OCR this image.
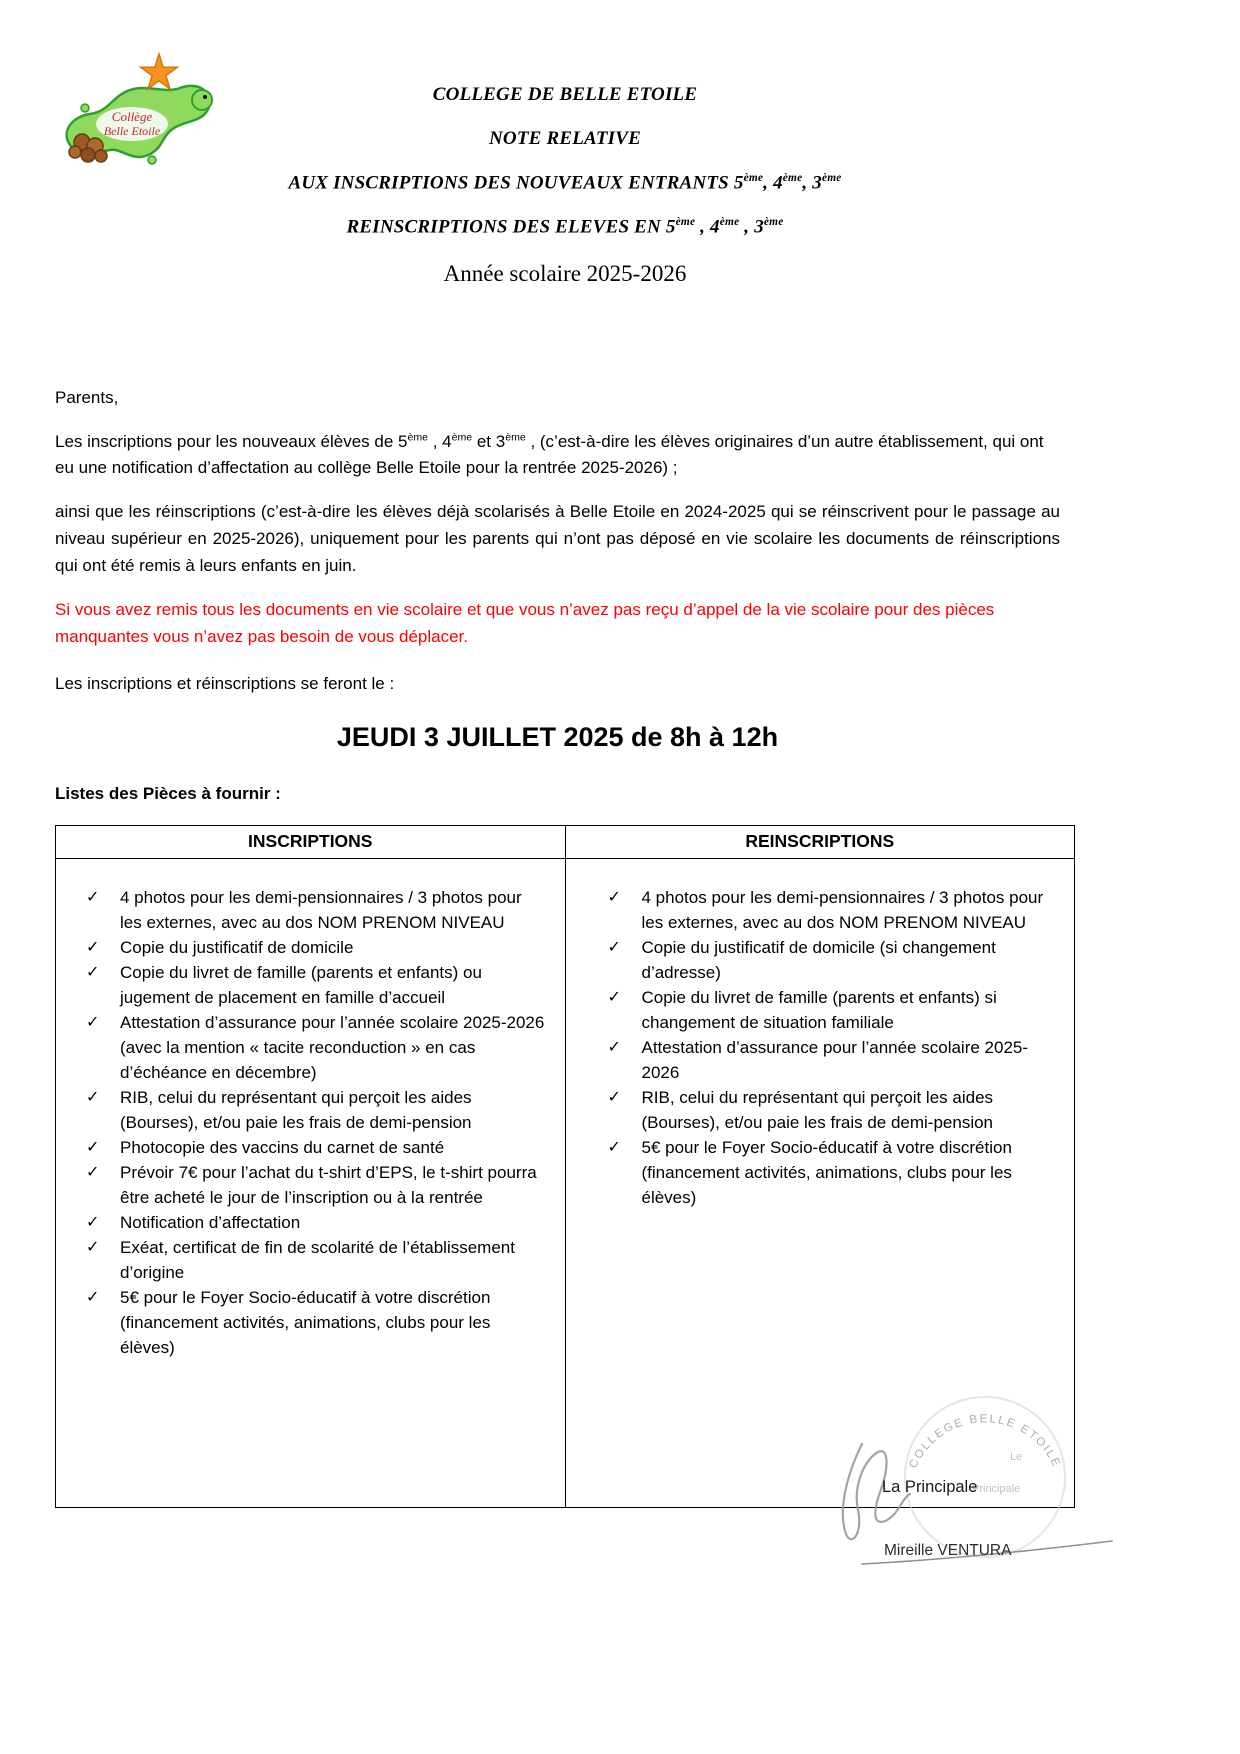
Collège
Belle Etoile

COLLEGE DE BELLE ETOILE

NOTE RELATIVE

AUX INSCRIPTIONS DES NOUVEAUX ENTRANTS 5ème, 4ème, 3ème

REINSCRIPTIONS DES ELEVES EN 5ème , 4ème , 3ème

Année scolaire 2025-2026

Parents,

Les inscriptions pour les nouveaux élèves de 5ème , 4ème et 3ème , (c’est-à-dire les élèves originaires d’un autre établissement, qui ont eu une notification d’affectation au collège Belle Etoile pour la rentrée 2025-2026) ;

ainsi que les réinscriptions (c’est-à-dire les élèves déjà scolarisés à Belle Etoile en 2024-2025 qui se réinscrivent pour le passage au niveau supérieur en 2025-2026), uniquement pour les parents qui n’ont pas déposé en vie scolaire les documents de réinscriptions qui ont été remis à leurs enfants en juin.

Si vous avez remis tous les documents en vie scolaire et que vous n’avez pas reçu d’appel de la vie scolaire pour des pièces manquantes vous n’avez pas besoin de vous déplacer.

Les inscriptions et réinscriptions se feront le :

JEUDI 3 JUILLET 2025 de 8h à 12h

Listes des Pièces à fournir :

INSCRIPTIONS	REINSCRIPTIONS

✓	4 photos pour les demi-pensionnaires / 3 photos pour les externes, avec au dos NOM PRENOM NIVEAU
✓	Copie du justificatif de domicile
✓	Copie du livret de famille (parents et enfants) ou jugement de placement en famille d’accueil
✓	Attestation d’assurance pour l’année scolaire 2025-2026 (avec la mention « tacite reconduction » en cas d’échéance en décembre)
✓	RIB, celui du représentant qui perçoit les aides (Bourses), et/ou paie les frais de demi-pension
✓	Photocopie des vaccins du carnet de santé
✓	Prévoir 7€ pour l’achat du t-shirt d’EPS, le t-shirt pourra être acheté le jour de l’inscription ou à la rentrée
✓	Notification d’affectation
✓	Exéat, certificat de fin de scolarité de l’établissement d’origine
✓	5€ pour le Foyer Socio-éducatif à votre discrétion (financement activités, animations, clubs pour les élèves)

✓	4 photos pour les demi-pensionnaires / 3 photos pour les externes, avec au dos NOM PRENOM NIVEAU
✓	Copie du justificatif de domicile (si changement d’adresse)
✓	Copie du livret de famille (parents et enfants) si changement de situation familiale
✓	Attestation d’assurance pour l’année scolaire 2025-2026
✓	RIB, celui du représentant qui perçoit les aides (Bourses), et/ou paie les frais de demi-pension
✓	5€ pour le Foyer Socio-éducatif à votre discrétion (financement activités, animations, clubs pour les élèves)
COLLEGE BELLE ETOILE
Le
Principale
La Principale
Mireille VENTURA
